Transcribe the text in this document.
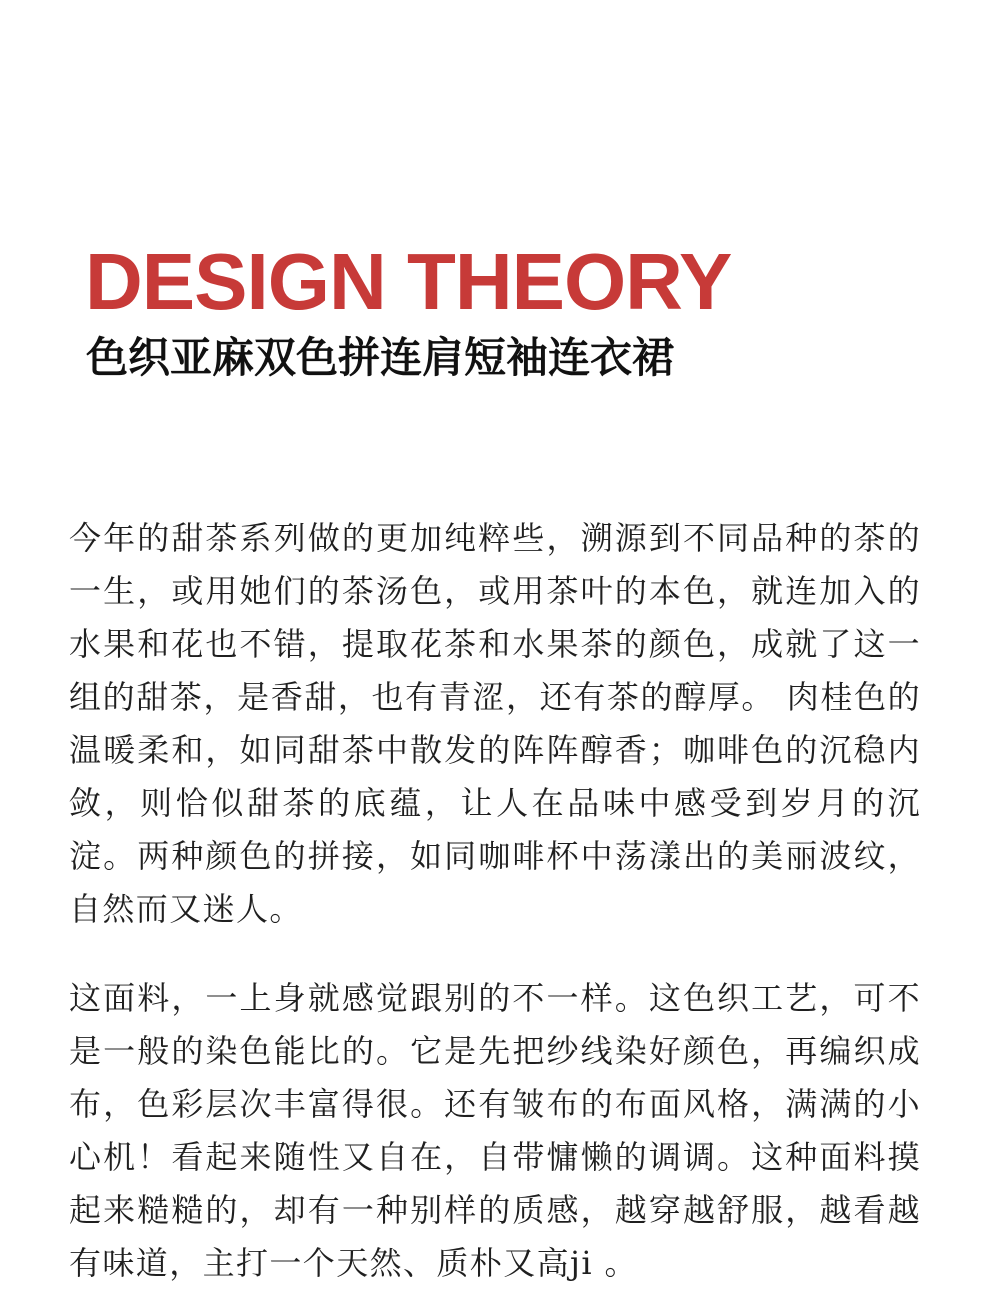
DESIGN THEORY
色织亚麻双色拼连肩短袖连衣裙

今年的甜茶系列做的更加纯粹些，溯源到不同品种的茶的一生，或用她们的茶汤色，或用茶叶的本色，就连加入的水果和花也不错，提取花茶和水果茶的颜色，成就了这一组的甜茶，是香甜，也有青涩，还有茶的醇厚。 肉桂色的温暖柔和，如同甜茶中散发的阵阵醇香；咖啡色的沉稳内敛，则恰似甜茶的底蕴，让人在品味中感受到岁月的沉淀。两种颜色的拼接，如同咖啡杯中荡漾出的美丽波纹，自然而又迷人。

这面料，一上身就感觉跟别的不一样。这色织工艺，可不是一般的染色能比的。它是先把纱线染好颜色，再编织成布，色彩层次丰富得很。还有皱布的布面风格，满满的小心机！看起来随性又自在，自带慵懒的调调。这种面料摸起来糙糙的，却有一种别样的质感，越穿越舒服，越看越有味道，主打一个天然、质朴又高ji 。
